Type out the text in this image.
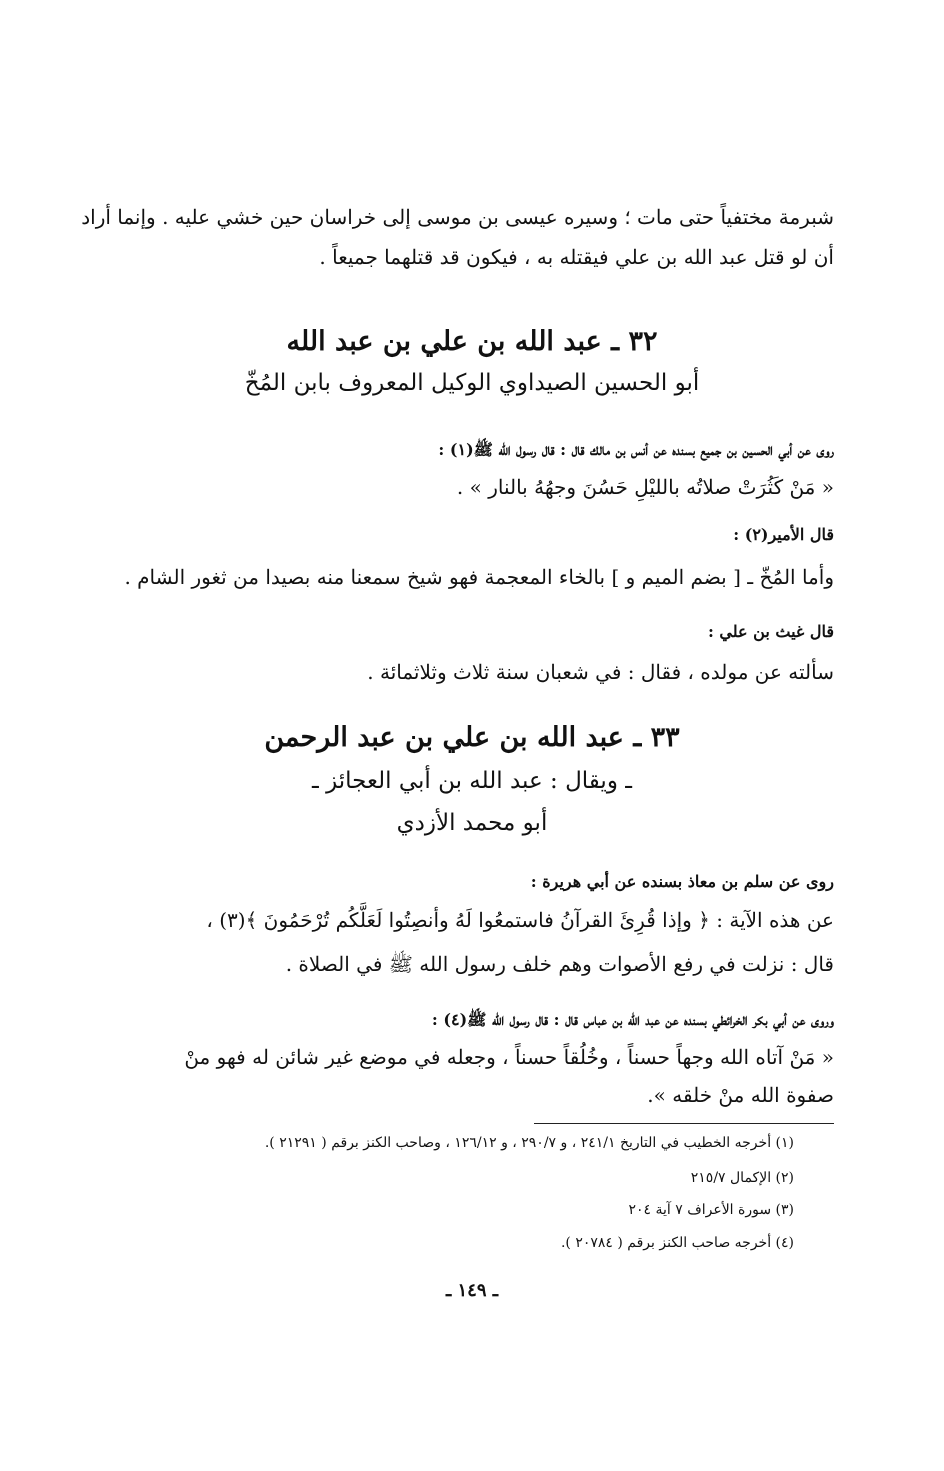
شبرمة مختفياً حتى مات ؛ وسيره عيسى بن موسى إلى خراسان حين خشي عليه . وإنما أراد
أن لو قتل عبد الله بن علي فيقتله به ، فيكون قد قتلهما جميعاً .
٣٢ ـ عبد الله بن علي بن عبد الله
أبو الحسين الصيداوي الوكيل المعروف بابن المُخّ
روى عن أبي الحسين بن جميع بسنده عن أنس بن مالك قال : قال رسول الله ﷺ(١) :
« مَنْ كَثُرَتْ صلاتُه بالليْلِ حَسُنَ وجهُهُ بالنار » .
قال الأمير(٢) :
وأما المُخّ ـ [ بضم الميم و ] بالخاء المعجمة فهو شيخ سمعنا منه بصيدا من ثغور الشام .
قال غيث بن علي :
سألته عن مولده ، فقال : في شعبان سنة ثلاث وثلاثمائة .
٣٣ ـ عبد الله بن علي بن عبد الرحمن
ـ ويقال : عبد الله بن أبي العجائز ـ
أبو محمد الأزدي
روى عن سلم بن معاذ بسنده عن أبي هريرة :
عن هذه الآية : ﴿ وإذا قُرِئَ القرآنُ فاستمعُوا لَهُ وأنصِتُوا لَعَلَّكُم تُرْحَمُونَ ﴾(٣) ،
قال : نزلت في رفع الأصوات وهم خلف رسول الله ﷺ في الصلاة .
وروى عن أبي بكر الخرائطي بسنده عن عبد الله بن عباس قال : قال رسول الله ﷺ(٤) :
« مَنْ آتاه الله وجهاً حسناً ، وخُلُقاً حسناً ، وجعله في موضع غير شائن له فهو منْ
صفوة الله منْ خلقه ».
(١) أخرجه الخطيب في التاريخ ٢٤١/١ ، و ٢٩٠/٧ ، و ١٢٦/١٢ ، وصاحب الكنز برقم ( ٢١٢٩١ ).
(٢) الإكمال ٢١٥/٧
(٣) سورة الأعراف ٧ آية ٢٠٤
(٤) أخرجه صاحب الكنز برقم ( ٢٠٧٨٤ ).
ـ ١٤٩ ـ
